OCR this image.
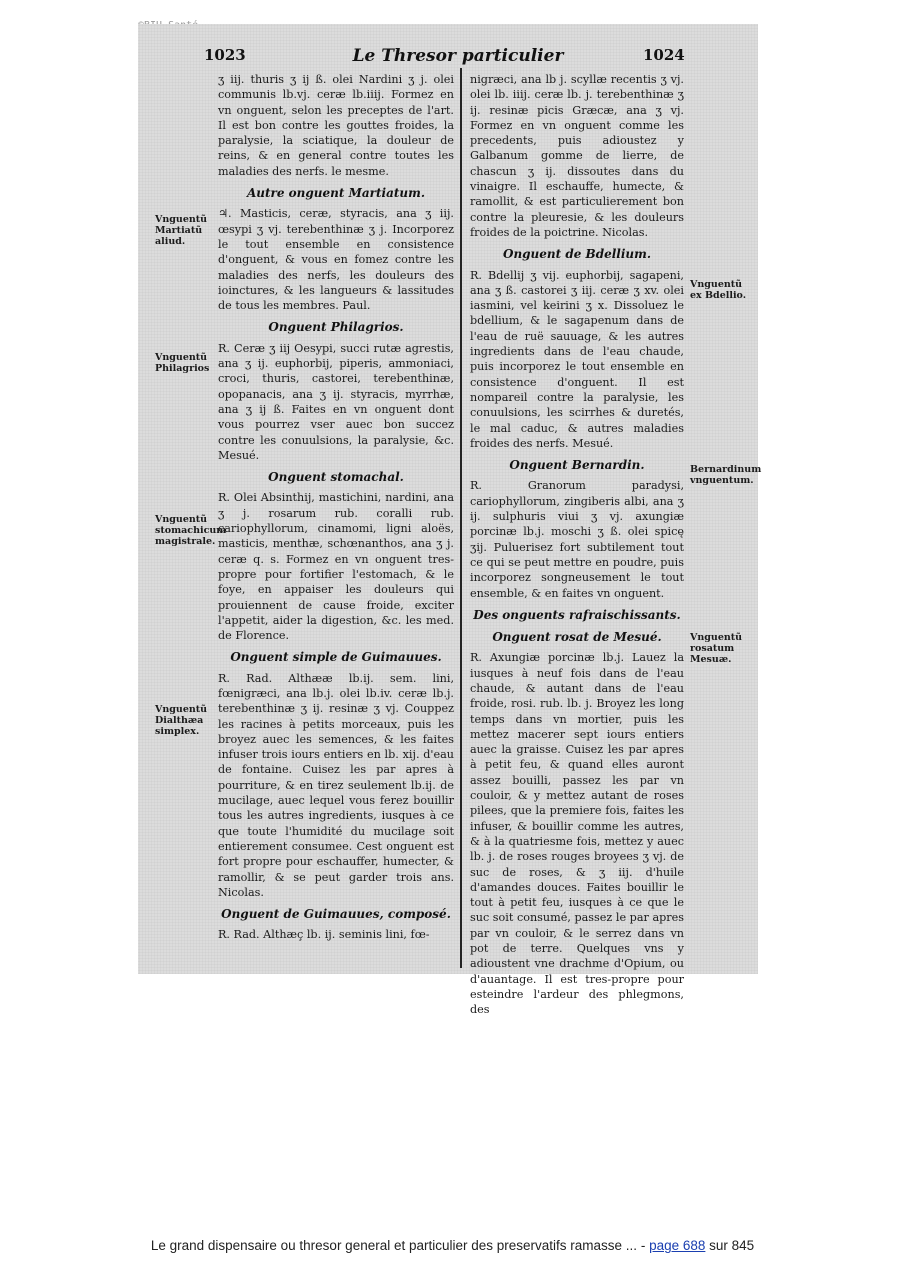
1023	Le Thresor particulier	1024

ʒ iij. thuris ʒ ij ß. olei Nardini ʒ j. olei communis lb.vj. ceræ lb.iiij. Formez en vn onguent, selon les preceptes de l'art. Il est bon contre les gouttes froides, la paralysie, la sciatique, la douleur de reins, & en general contre toutes les maladies des nerfs. le mesme.

Autre onguent Martiatum.

♃. Masticis, ceræ, styracis, ana ʒ iij. œsypi ʒ vj. terebenthinæ ʒ j. Incorporez le tout ensemble en consistence d'onguent, & vous en fomez contre les maladies des nerfs, les douleurs des ioinctures, & les langueurs & lassitudes de tous les membres. Paul.

Onguent Philagrios.

R. Ceræ ʒ iij Oesypi, succi rutæ agrestis, ana ʒ ij. euphorbij, piperis, ammoniaci, croci, thuris, castorei, terebenthinæ, opopanacis, ana ʒ ij. styracis, myrrhæ, ana ʒ ij ß. Faites en vn onguent dont vous pourrez vser auec bon succez contre les conuulsions, la paralysie, &c. Mesué.

Onguent stomachal.

R. Olei Absinthij, mastichini, nardini, ana ʒ j. rosarum rub. coralli rub. cariophyllorum, cinamomi, ligni aloës, masticis, menthæ, schœnanthos, ana ʒ j. ceræ q. s. Formez en vn onguent tres-propre pour fortifier l'estomach, & le foye, en appaiser les douleurs qui prouiennent de cause froide, exciter l'appetit, aider la digestion, &c. les med. de Florence.

Onguent simple de Guimauues.

R. Rad. Althææ lb.ij. sem. lini, fœnigræci, ana lb.j. olei lb.iv. ceræ lb.j. terebenthinæ ʒ ij. resinæ ʒ vj. Couppez les racines à petits morceaux, puis les broyez auec les semences, & les faites infuser trois iours entiers en lb. xij. d'eau de fontaine. Cuisez les par apres à pourriture, & en tirez seulement lb.ij. de mucilage, auec lequel vous ferez bouillir tous les autres ingredients, iusques à ce que toute l'humidité du mucilage soit entierement consumee. Cest onguent est fort propre pour eschauffer, humecter, & ramollir, & se peut garder trois ans. Nicolas.

Onguent de Guimauues, composé.

R. Rad. Althæç lb. ij. seminis lini, fœ-

nigræci, ana lb j. scyllæ recentis ʒ vj. olei lb. iiij. ceræ lb. j. terebenthinæ ʒ ij. resinæ picis Græcæ, ana ʒ vj. Formez en vn onguent comme les precedents, puis adioustez y Galbanum gomme de lierre, de chascun ʒ ij. dissoutes dans du vinaigre. Il eschauffe, humecte, & ramollit, & est particulierement bon contre la pleuresie, & les douleurs froides de la poictrine. Nicolas.

Onguent de Bdellium.

R. Bdellij ʒ vij. euphorbij, sagapeni, ana ʒ ß. castorei ʒ iij. ceræ ʒ xv. olei iasmini, vel keirini ʒ x. Dissoluez le bdellium, & le sagapenum dans de l'eau de ruë sauuage, & les autres ingredients dans de l'eau chaude, puis incorporez le tout ensemble en consistence d'onguent. Il est nompareil contre la paralysie, les conuulsions, les scirrhes & duretés, le mal caduc, & autres maladies froides des nerfs. Mesué.

Onguent Bernardin.

R. Granorum paradysi, cariophyllorum, zingiberis albi, ana ʒ ij. sulphuris viui ʒ vj. axungiæ porcinæ lb.j. moschi ʒ ß. olei spicę ʒij. Puluerisez fort subtilement tout ce qui se peut mettre en poudre, puis incorporez songneusement le tout ensemble, & en faites vn onguent.

Des onguents rafraischissants.
Onguent rosat de Mesué.

R. Axungiæ porcinæ lb.j. Lauez la iusques à neuf fois dans de l'eau chaude, & autant dans de l'eau froide, rosi. rub. lb. j. Broyez les long temps dans vn mortier, puis les mettez macerer sept iours entiers auec la graisse. Cuisez les par apres à petit feu, & quand elles auront assez bouilli, passez les par vn couloir, & y mettez autant de roses pilees, que la premiere fois, faites les infuser, & bouillir comme les autres, & à la quatriesme fois, mettez y auec lb. j. de roses rouges broyees ʒ vj. de suc de roses, & ʒ iij. d'huile d'amandes douces. Faites bouillir le tout à petit feu, iusques à ce que le suc soit consumé, passez le par apres par vn couloir, & le serrez dans vn pot de terre. Quelques vns y adioustent vne drachme d'Opium, ou d'auantage. Il est tres-propre pour esteindre l'ardeur des phlegmons, des

Vnguentũ Martiatũ aliud.
Vnguentũ Philagrios
Vnguentũ stomachicum magistrale.
Vnguentũ Dialthæa simplex.
Vnguentũ ex Bdellio.
Bernardinum vnguentum.
Vnguentũ rosatum Mesuæ.
Le grand dispensaire ou thresor general et particulier des preservatifs ramasse ... - page 688 sur 845
